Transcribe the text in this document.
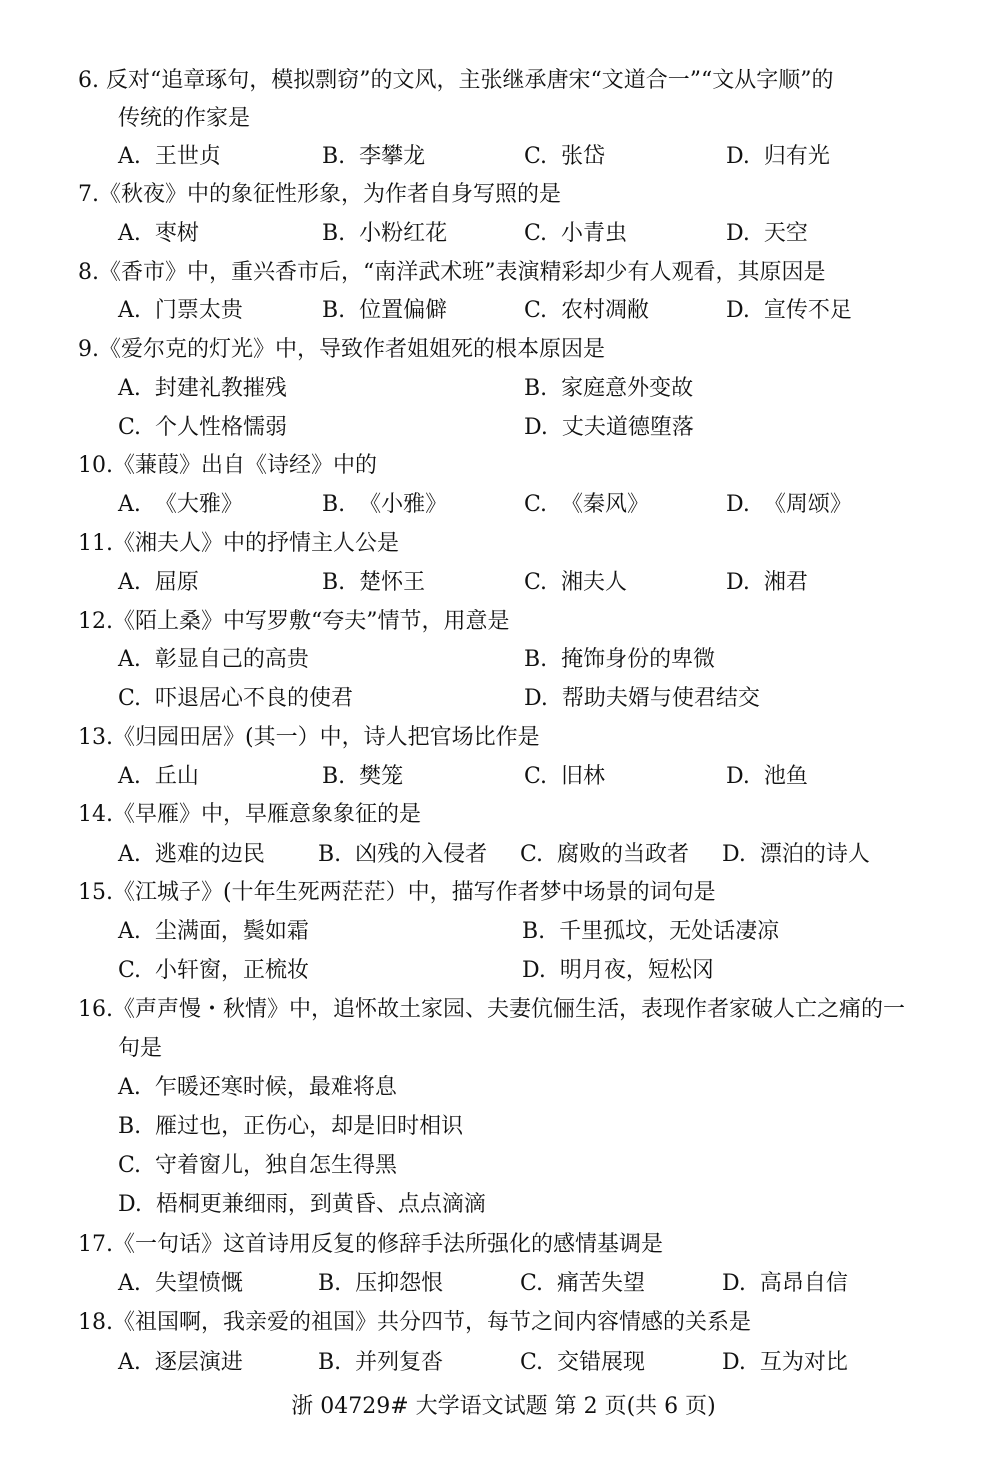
6. 反对“追章琢句，模拟剽窃”的文风，主张继承唐宋“文道合一”“文从字顺”的
传统的作家是
A. 王世贞	B. 李攀龙	C. 张岱	D. 归有光
7.《秋夜》中的象征性形象，为作者自身写照的是
A. 枣树	B. 小粉红花	C. 小青虫	D. 天空
8.《香市》中，重兴香市后，“南洋武术班”表演精彩却少有人观看，其原因是
A. 门票太贵	B. 位置偏僻	C. 农村凋敝	D. 宣传不足
9.《爱尔克的灯光》中，导致作者姐姐死的根本原因是
A. 封建礼教摧残	B. 家庭意外变故
C. 个人性格懦弱	D. 丈夫道德堕落
10.《蒹葭》出自《诗经》中的
A. 《大雅》	B. 《小雅》	C. 《秦风》	D. 《周颂》
11.《湘夫人》中的抒情主人公是
A. 屈原	B. 楚怀王	C. 湘夫人	D. 湘君
12.《陌上桑》中写罗敷“夸夫”情节，用意是
A. 彰显自己的高贵	B. 掩饰身份的卑微
C. 吓退居心不良的使君	D. 帮助夫婿与使君结交
13.《归园田居》(其一）中，诗人把官场比作是
A. 丘山	B. 樊笼	C. 旧林	D. 池鱼
14.《早雁》中，早雁意象象征的是
A. 逃难的边民 B. 凶残的入侵者 C. 腐败的当政者 D. 漂泊的诗人
15.《江城子》(十年生死两茫茫）中，描写作者梦中场景的词句是
A. 尘满面，鬓如霜	B. 千里孤坟，无处话凄凉
C. 小轩窗，正梳妆	D. 明月夜，短松冈
16.《声声慢・秋情》中，追怀故土家园、夫妻伉俪生活，表现作者家破人亡之痛的一
句是
A. 乍暖还寒时候，最难将息
B. 雁过也，正伤心，却是旧时相识
C. 守着窗儿，独自怎生得黑
D. 梧桐更兼细雨，到黄昏、点点滴滴
17.《一句话》这首诗用反复的修辞手法所强化的感情基调是
A. 失望愤慨	B. 压抑怨恨	C. 痛苦失望	D. 高昂自信
18.《祖国啊，我亲爱的祖国》共分四节，每节之间内容情感的关系是
A. 逐层演进	B. 并列复沓	C. 交错展现	D. 互为对比
浙 04729# 大学语文试题 第 2 页(共 6 页)
